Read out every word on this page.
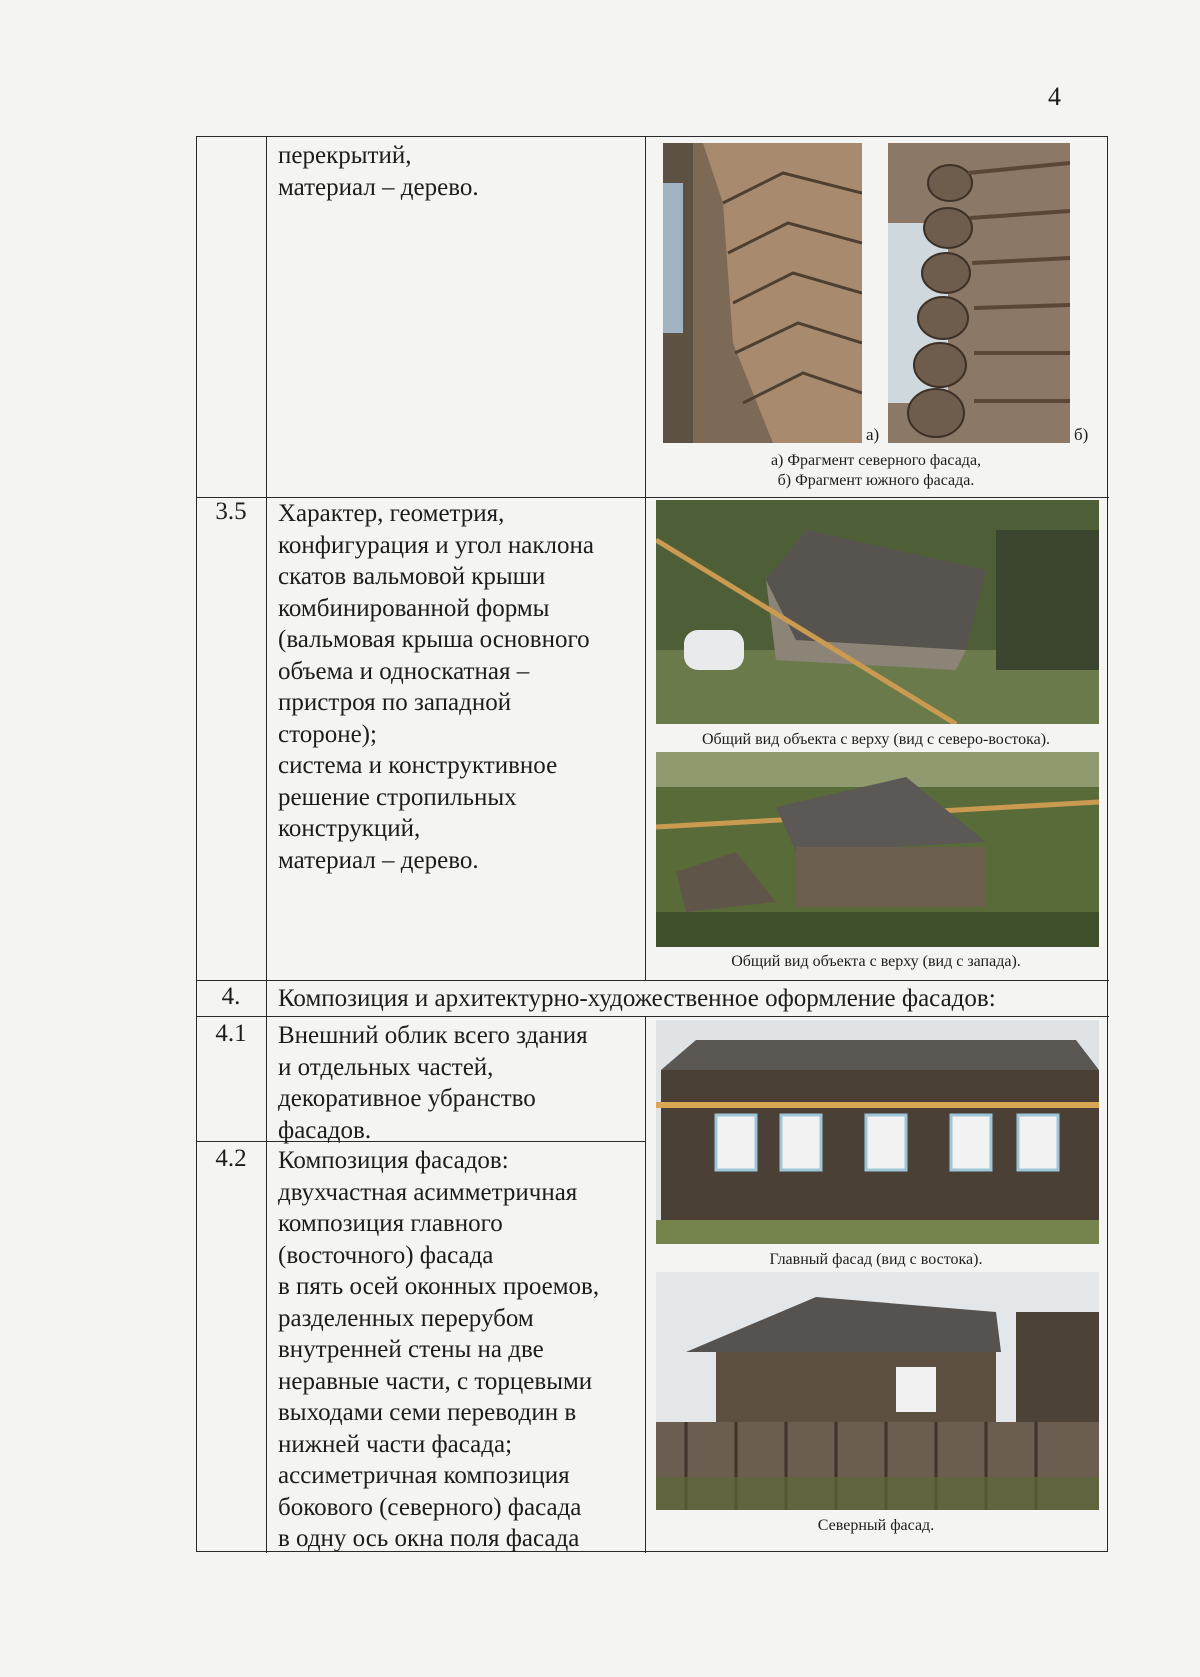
4
перекрытий,
материал – дерево.
а)	б)
а) Фрагмент северного фасада,
б) Фрагмент южного фасада.
3.5	Характер, геометрия,
конфигурация и угол наклона
скатов вальмовой крыши
комбинированной формы
(вальмовая крыша основного
объема и односкатная –
пристроя по западной
стороне);
система и конструктивное
решение стропильных
конструкций,
материал – дерево.
Общий вид объекта с верху (вид с северо-востока).
Общий вид объекта с верху (вид с запада).
4.	Композиция и архитектурно-художественное оформление фасадов:
4.1	Внешний облик всего здания
и отдельных частей,
декоративное убранство
фасадов.
Главный фасад (вид с востока).
4.2	Композиция фасадов:
двухчастная асимметричная
композиция главного
(восточного) фасада
в пять осей оконных проемов,
разделенных перерубом
внутренней стены на две
неравные части, с торцевыми
выходами семи переводин в
нижней части фасада;
ассиметричная композиция
бокового (северного) фасада
в одну ось окна поля фасада	Северный фасад.
